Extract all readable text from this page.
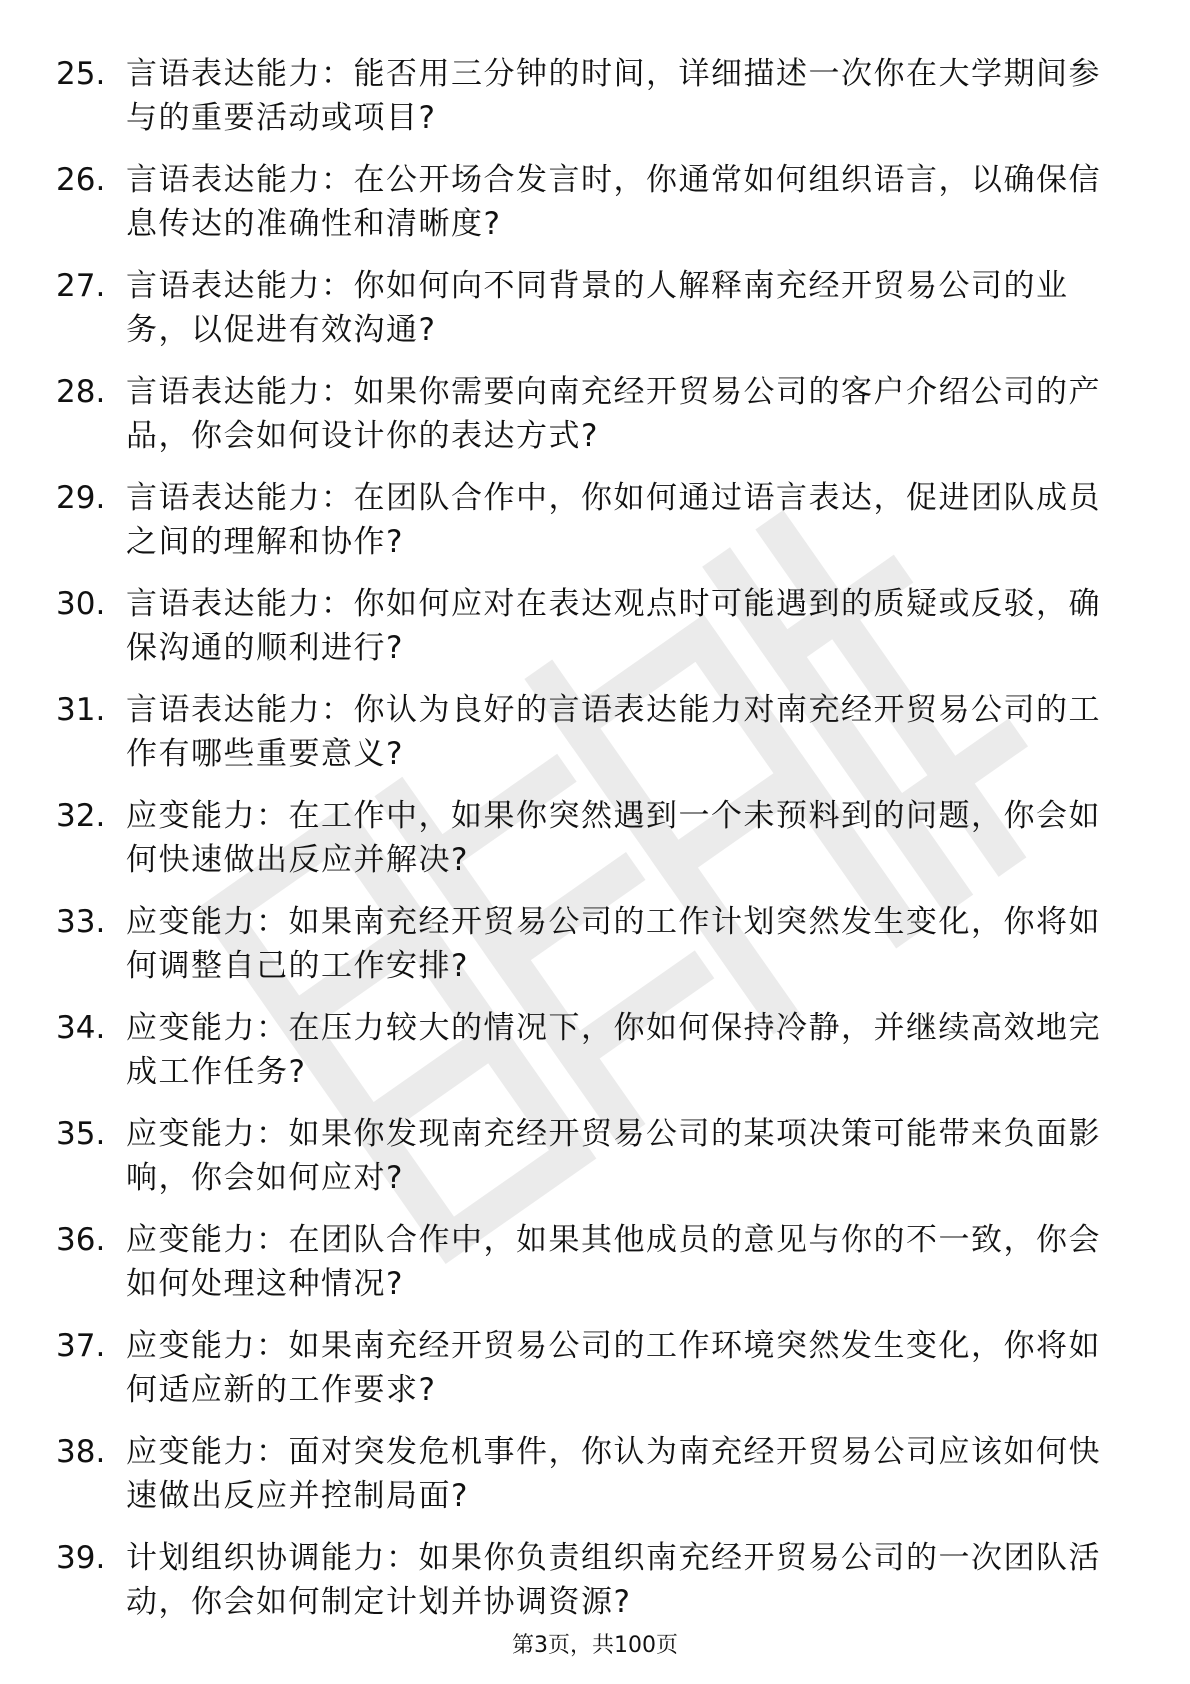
25. 言语表达能力：能否用三分钟的时间，详细描述一次你在大学期间参与的重要活动或项目?
26. 言语表达能力：在公开场合发言时，你通常如何组织语言，以确保信息传达的准确性和清晰度?
27. 言语表达能力：你如何向不同背景的人解释南充经开贸易公司的业务，以促进有效沟通?
28. 言语表达能力：如果你需要向南充经开贸易公司的客户介绍公司的产品，你会如何设计你的表达方式?
29. 言语表达能力：在团队合作中，你如何通过语言表达，促进团队成员之间的理解和协作?
30. 言语表达能力：你如何应对在表达观点时可能遇到的质疑或反驳，确保沟通的顺利进行?
31. 言语表达能力：你认为良好的言语表达能力对南充经开贸易公司的工作有哪些重要意义?
32. 应变能力：在工作中，如果你突然遇到一个未预料到的问题，你会如何快速做出反应并解决?
33. 应变能力：如果南充经开贸易公司的工作计划突然发生变化，你将如何调整自己的工作安排?
34. 应变能力：在压力较大的情况下，你如何保持冷静，并继续高效地完成工作任务?
35. 应变能力：如果你发现南充经开贸易公司的某项决策可能带来负面影响，你会如何应对?
36. 应变能力：在团队合作中，如果其他成员的意见与你的不一致，你会如何处理这种情况?
37. 应变能力：如果南充经开贸易公司的工作环境突然发生变化，你将如何适应新的工作要求?
38. 应变能力：面对突发危机事件，你认为南充经开贸易公司应该如何快速做出反应并控制局面?
39. 计划组织协调能力：如果你负责组织南充经开贸易公司的一次团队活动，你会如何制定计划并协调资源?
第3页，共100页
